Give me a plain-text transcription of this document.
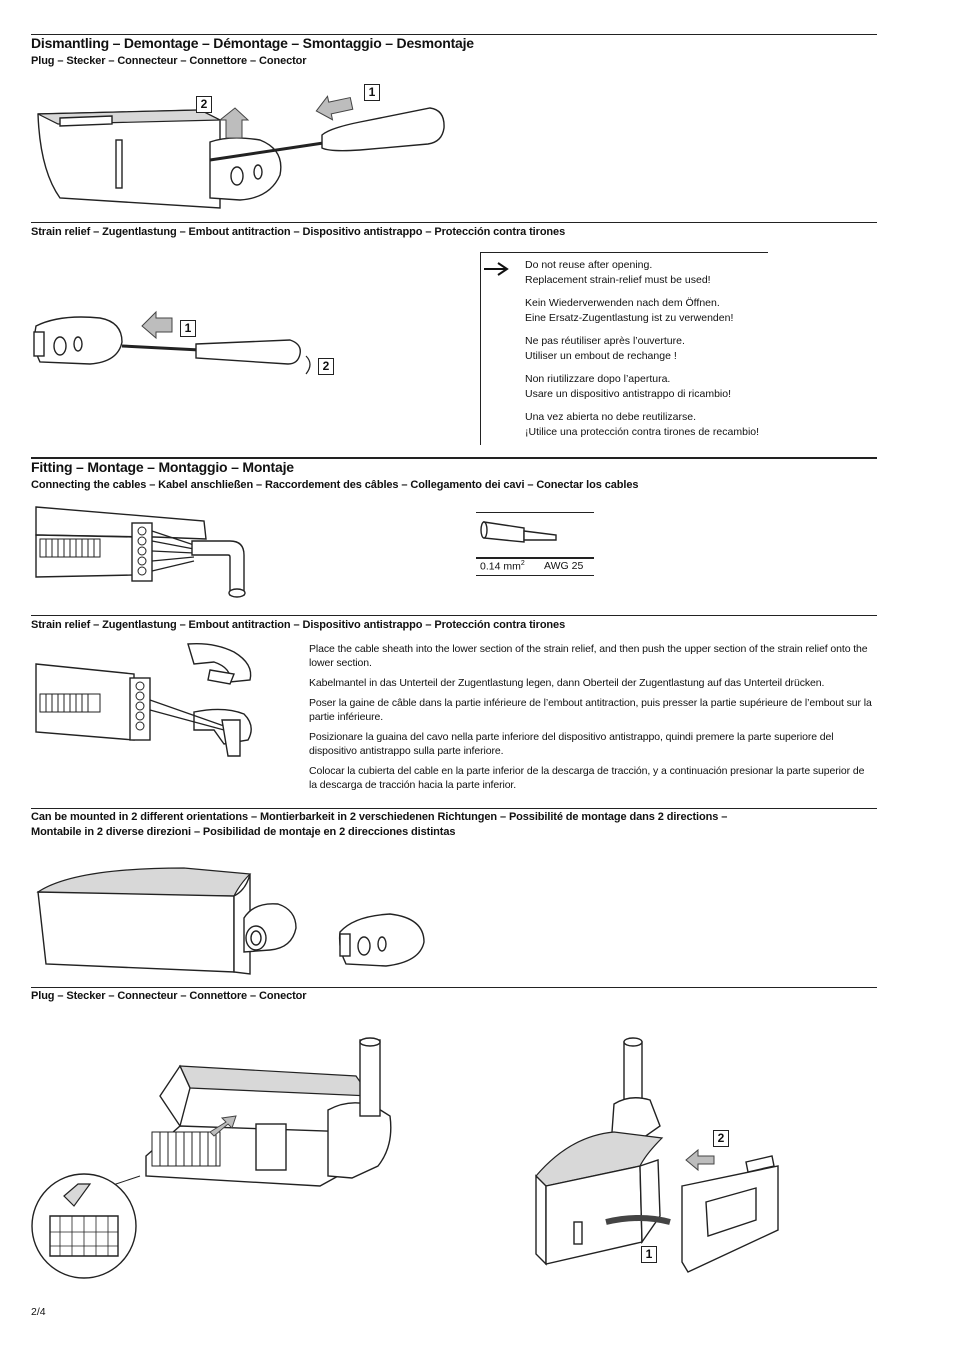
Dismantling – Demontage – Démontage – Smontaggio – Desmontaje
Plug – Stecker – Connecteur – Connettore – Conector
2
1
Strain relief – Zugentlastung – Embout antitraction – Dispositivo antistrappo – Protección contra tirones
1
2

Do not reuse after opening.
Replacement strain-relief must be used!

Kein Wiederverwenden nach dem Öffnen.
Eine Ersatz-Zugentlastung ist zu verwenden!

Ne pas réutiliser après l’ouverture.
Utiliser un embout de rechange !

Non riutilizzare dopo l’apertura.
Usare un dispositivo antistrappo di ricambio!

Una vez abierta no debe reutilizarse.
¡Utilice una protección contra tirones de recambio!

Fitting – Montage – Montaggio – Montaje
Connecting the cables – Kabel anschließen – Raccordement des câbles – Collegamento dei cavi – Conectar los cables
0.14 $mm^2$ AWG 25
Strain relief – Zugentlastung – Embout antitraction – Dispositivo antistrappo – Protección contra tirones

Place the cable sheath into the lower section of the strain relief, and then push the upper section of the strain relief onto the lower section.

Kabelmantel in das Unterteil der Zugentlastung legen, dann Oberteil der Zugentlastung auf das Unterteil drücken.

Poser la gaine de câble dans la partie inférieure de l’embout antitraction, puis presser la partie supérieure de l’embout sur la partie inférieure.

Posizionare la guaina del cavo nella parte inferiore del dispositivo antistrappo, quindi premere la parte superiore del dispositivo antistrappo sulla parte inferiore.

Colocar la cubierta del cable en la parte inferior de la descarga de tracción, y a continuación presionar la parte superior de la descarga de tracción hacia la parte inferior.

Can be mounted in 2 different orientations – Montierbarkeit in 2 verschiedenen Richtungen – Possibilité de montage dans 2 directions –
Montabile in 2 diverse direzioni – Posibilidad de montaje en 2 direcciones distintas
Plug – Stecker – Connecteur – Connettore – Conector
2
1
2/4
